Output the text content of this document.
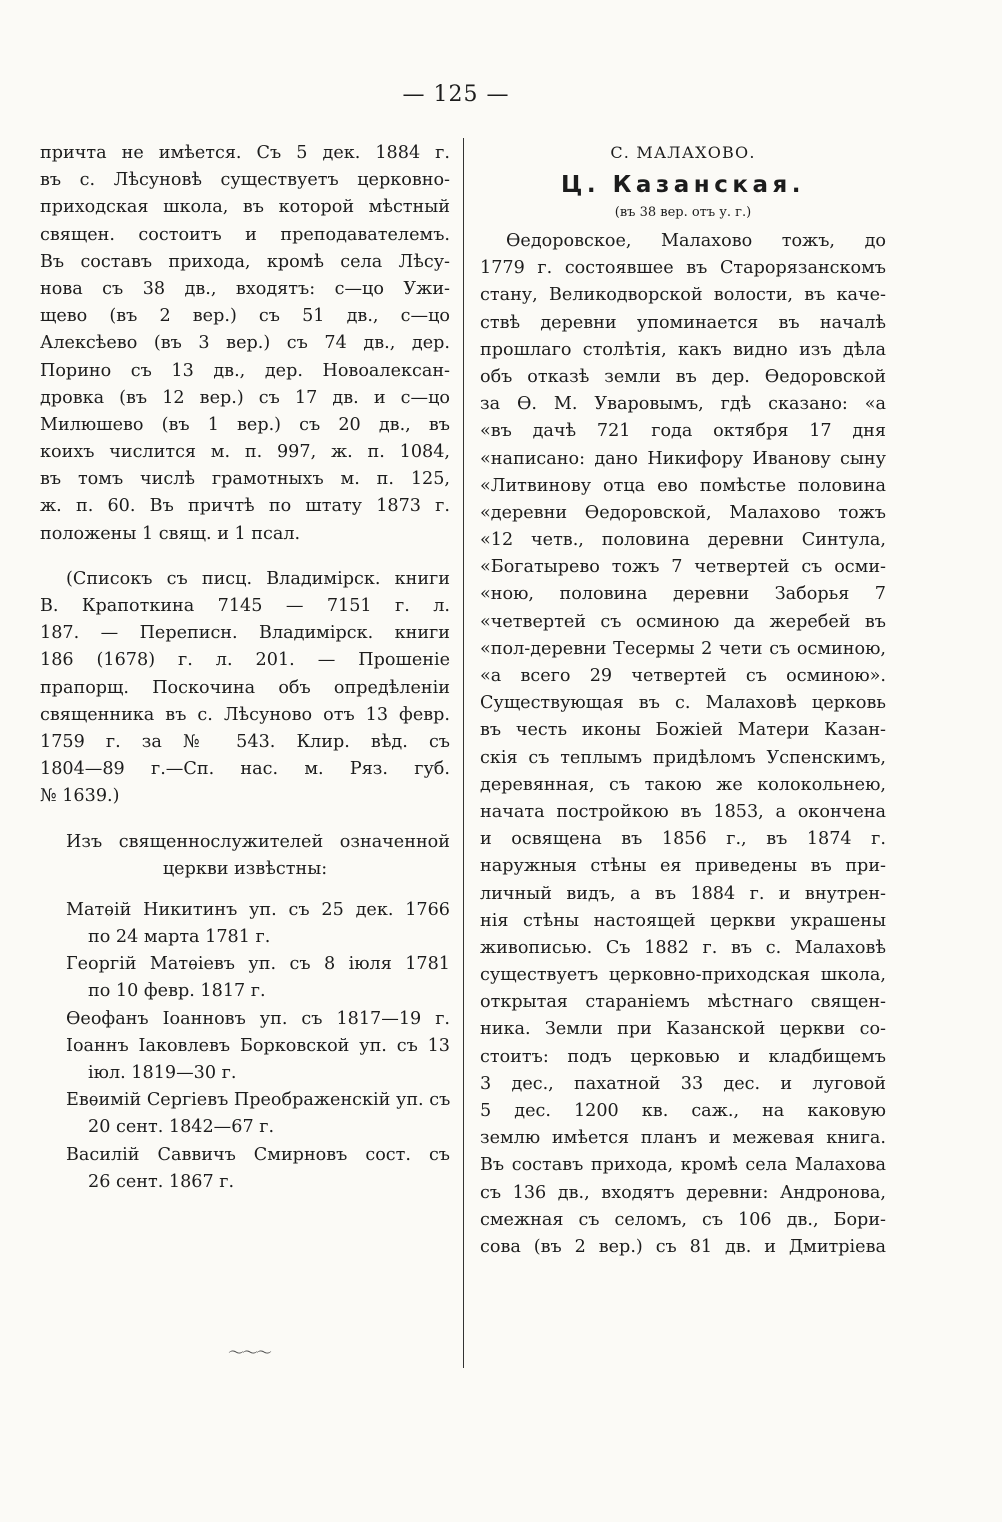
— 125 —
причта не имѣется. Съ 5 дек. 1884 г.
въ с. Лѣсуновѣ существуетъ церковно-
приходская школа, въ которой мѣстный
священ. состоитъ и преподавателемъ.
Въ составъ прихода, кромѣ села Лѣсу-
нова съ 38 дв., входятъ: с—цо Ужи-
щево (въ 2 вер.) съ 51 дв., с—цо
Алексѣево (въ 3 вер.) съ 74 дв., дер.
Порино съ 13 дв., дер. Новоалексан-
дровка (въ 12 вер.) съ 17 дв. и с—цо
Милюшево (въ 1 вер.) съ 20 дв., въ
коихъ числится м. п. 997, ж. п. 1084,
въ томъ числѣ грамотныхъ м. п. 125,
ж. п. 60. Въ причтѣ по штату 1873 г.
положены 1 свящ. и 1 псал.
(Списокъ съ писц. Владимірск. книги
В. Крапоткина 7145 — 7151 г. л.
187. — Переписн. Владимірск. книги
186 (1678) г. л. 201. — Прошеніе
прапорщ. Поскочина объ опредѣленіи
священника въ с. Лѣсуново отъ 13 февр.
1759 г. за № 543. Клир. вѣд. съ
1804—89 г.—Сп. нас. м. Ряз. губ.
№ 1639.)
Изъ священнослужителей означенной
церкви извѣстны:
Матѳій Никитинъ уп. съ 25 дек. 1766
по 24 марта 1781 г.
Георгій Матѳіевъ уп. съ 8 іюля 1781
по 10 февр. 1817 г.
Ѳеофанъ Іоанновъ уп. съ 1817—19 г.
Іоаннъ Іаковлевъ Борковской уп. съ 13
іюл. 1819—30 г.
Евѳимій Сергіевъ Преображенскій уп. съ
20 сент. 1842—67 г.
Василій Саввичъ Смирновъ сост. съ
26 сент. 1867 г.
〜〜〜
С. МАЛАХОВО.
Ц. Казанская.
(въ 38 вер. отъ у. г.)
Ѳедоровское, Малахово тожъ, до
1779 г. состоявшее въ Старорязанскомъ
стану, Великодворской волости, въ каче-
ствѣ деревни упоминается въ началѣ
прошлаго столѣтія, какъ видно изъ дѣла
объ отказѣ земли въ дер. Ѳедоровской
за Ѳ. М. Уваровымъ, гдѣ сказано: «а
«въ дачѣ 721 года октября 17 дня
«написано: дано Никифору Иванову сыну
«Литвинову отца ево помѣстье половина
«деревни Ѳедоровской, Малахово тожъ
«12 четв., половина деревни Синтула,
«Богатырево тожъ 7 четвертей съ осми-
«ною, половина деревни Заборья 7
«четвертей съ осминою да жеребей въ
«пол-деревни Тесермы 2 чети съ осминою,
«а всего 29 четвертей съ осминою».
Существующая въ с. Малаховѣ церковь
въ честь иконы Божіей Матери Казан-
скія съ теплымъ придѣломъ Успенскимъ,
деревянная, съ такою же колокольнею,
начата постройкою въ 1853, а окончена
и освящена въ 1856 г., въ 1874 г.
наружныя стѣны ея приведены въ при-
личный видъ, а въ 1884 г. и внутрен-
нія стѣны настоящей церкви украшены
живописью. Съ 1882 г. въ с. Малаховѣ
существуетъ церковно-приходская школа,
открытая стараніемъ мѣстнаго священ-
ника. Земли при Казанской церкви со-
стоитъ: подъ церковью и кладбищемъ
3 дес., пахатной 33 дес. и луговой
5 дес. 1200 кв. саж., на каковую
землю имѣется планъ и межевая книга.
Въ составъ прихода, кромѣ села Малахова
съ 136 дв., входятъ деревни: Андронова,
смежная съ селомъ, съ 106 дв., Бори-
сова (въ 2 вер.) съ 81 дв. и Дмитріева
